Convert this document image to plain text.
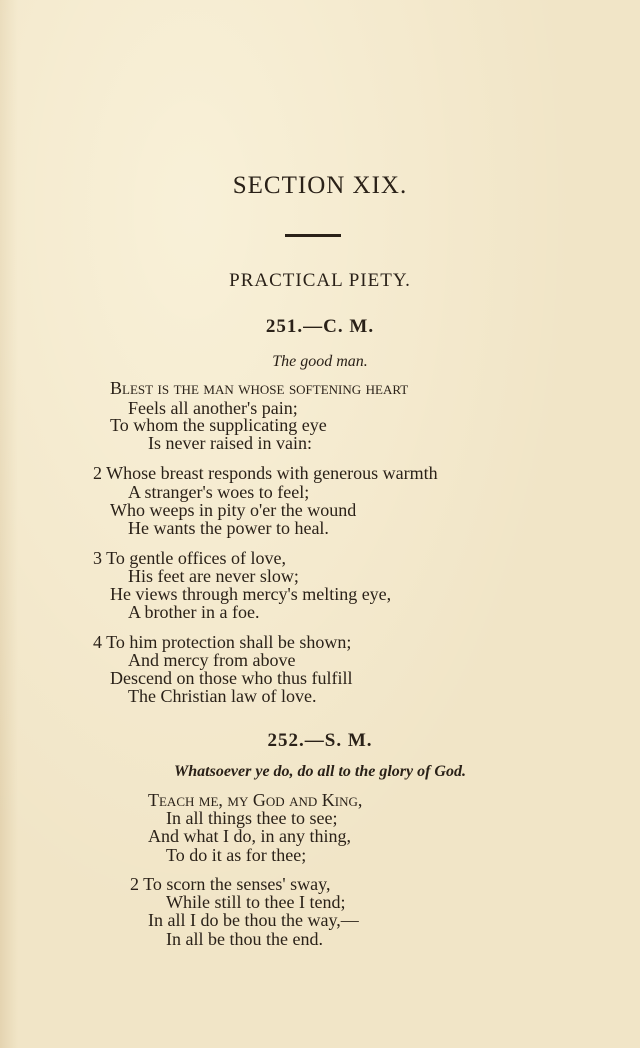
SECTION XIX.
PRACTICAL PIETY.
251.—C. M.
The good man.
Blest is the man whose softening heart
Feels all another's pain;
To whom the supplicating eye
Is never raised in vain:
2 Whose breast responds with generous warmth
A stranger's woes to feel;
Who weeps in pity o'er the wound
He wants the power to heal.
3 To gentle offices of love,
His feet are never slow;
He views through mercy's melting eye,
A brother in a foe.
4 To him protection shall be shown;
And mercy from above
Descend on those who thus fulfill
The Christian law of love.
252.—S. M.
Whatsoever ye do, do all to the glory of God.
Teach me, my God and King,
In all things thee to see;
And what I do, in any thing,
To do it as for thee;
2 To scorn the senses' sway,
While still to thee I tend;
In all I do be thou the way,—
In all be thou the end.
